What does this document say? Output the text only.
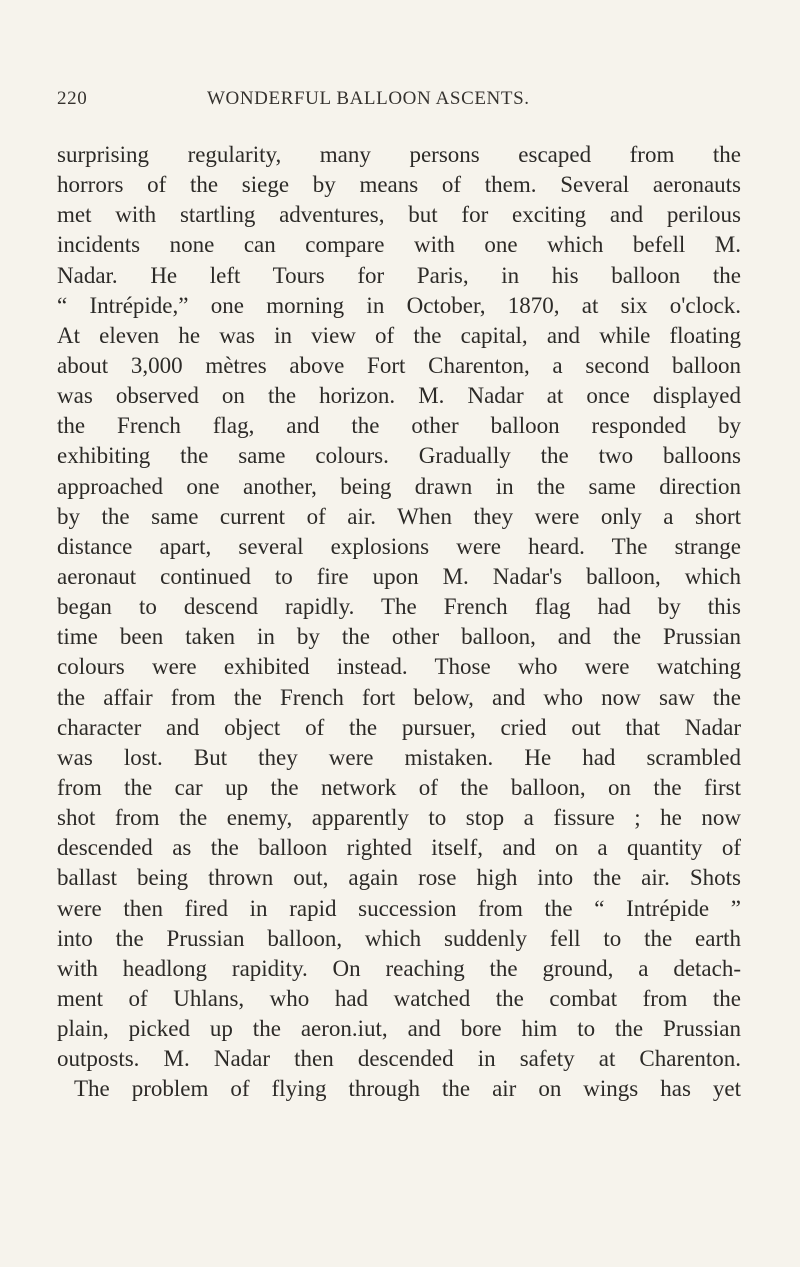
220	WONDERFUL BALLOON ASCENTS.
surprising regularity, many persons escaped from the
horrors of the siege by means of them. Several aeronauts
met with startling adventures, but for exciting and perilous
incidents none can compare with one which befell M.
Nadar. He left Tours for Paris, in his balloon the
“ Intrépide,” one morning in October, 1870, at six o'clock.
At eleven he was in view of the capital, and while floating
about 3,000 mètres above Fort Charenton, a second balloon
was observed on the horizon. M. Nadar at once displayed
the French flag, and the other balloon responded by
exhibiting the same colours. Gradually the two balloons
approached one another, being drawn in the same direction
by the same current of air. When they were only a short
distance apart, several explosions were heard. The strange
aeronaut continued to fire upon M. Nadar's balloon, which
began to descend rapidly. The French flag had by this
time been taken in by the other balloon, and the Prussian
colours were exhibited instead. Those who were watching
the affair from the French fort below, and who now saw the
character and object of the pursuer, cried out that Nadar
was lost. But they were mistaken. He had scrambled
from the car up the network of the balloon, on the first
shot from the enemy, apparently to stop a fissure ; he now
descended as the balloon righted itself, and on a quantity of
ballast being thrown out, again rose high into the air. Shots
were then fired in rapid succession from the “ Intrépide ”
into the Prussian balloon, which suddenly fell to the earth
with headlong rapidity. On reaching the ground, a detach-
ment of Uhlans, who had watched the combat from the
plain, picked up the aeron.iut, and bore him to the Prussian
outposts. M. Nadar then descended in safety at Charenton.
The problem of flying through the air on wings has yet
